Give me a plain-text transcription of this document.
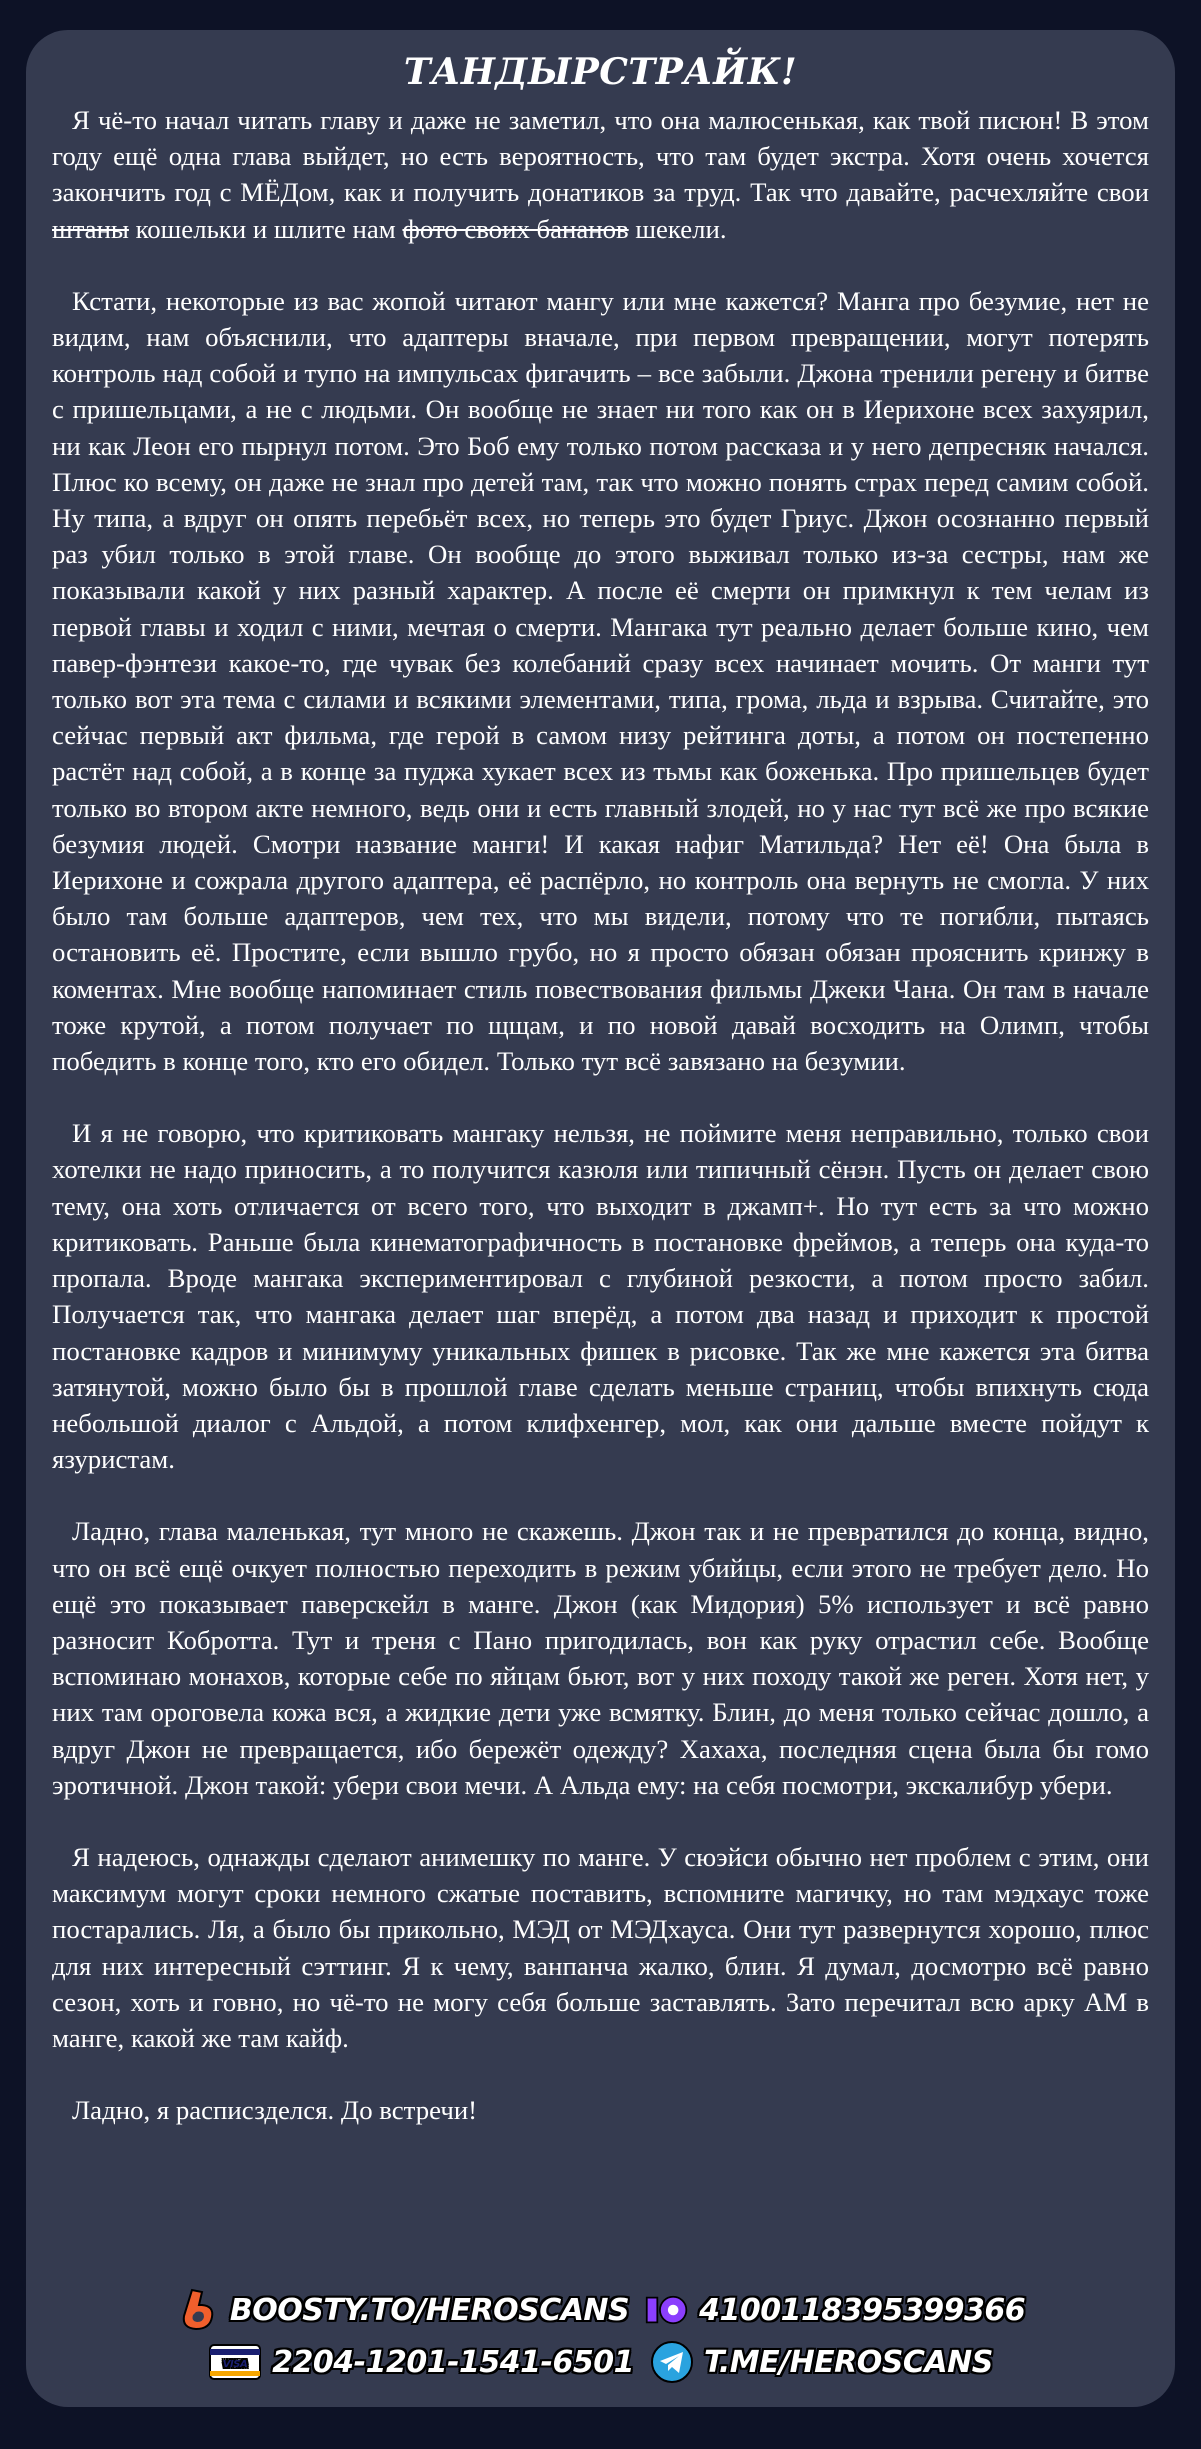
ТАНДЫРСТРАЙК!

Я чё-то начал читать главу и даже не заметил, что она малюсенькая, как твой писюн! В этом году ещё одна глава выйдет, но есть вероятность, что там будет экстра. Хотя очень хочется закончить год с МЁДом, как и получить донатиков за труд. Так что давайте, расчехляйте свои штаны кошельки и шлите нам фото своих бананов шекели.

Кстати, некоторые из вас жопой читают мангу или мне кажется? Манга про безумие, нет не видим, нам объяснили, что адаптеры вначале, при первом превращении, могут потерять контроль над собой и тупо на импульсах фигачить – все забыли. Джона тренили регену и битве с пришельцами, а не с людьми. Он вообще не знает ни того как он в Иерихоне всех захуярил, ни как Леон его пырнул потом. Это Боб ему только потом рассказа и у него депресняк начался. Плюс ко всему, он даже не знал про детей там, так что можно понять страх перед самим собой. Ну типа, а вдруг он опять перебьёт всех, но теперь это будет Гриус. Джон осознанно первый раз убил только в этой главе. Он вообще до этого выживал только из-за сестры, нам же показывали какой у них разный характер. А после её смерти он примкнул к тем челам из первой главы и ходил с ними, мечтая о смерти. Мангака тут реально делает больше кино, чем павер-фэнтези какое-то, где чувак без колебаний сразу всех начинает мочить. От манги тут только вот эта тема с силами и всякими элементами, типа, грома, льда и взрыва. Считайте, это сейчас первый акт фильма, где герой в самом низу рейтинга доты, а потом он постепенно растёт над собой, а в конце за пуджа хукает всех из тьмы как боженька. Про пришельцев будет только во втором акте немного, ведь они и есть главный злодей, но у нас тут всё же про всякие безумия людей. Смотри название манги! И какая нафиг Матильда? Нет её! Она была в Иерихоне и сожрала другого адаптера, её распёрло, но контроль она вернуть не смогла. У них было там больше адаптеров, чем тех, что мы видели, потому что те погибли, пытаясь остановить её. Простите, если вышло грубо, но я просто обязан обязан прояснить кринжу в коментах. Мне вообще напоминает стиль повествования фильмы Джеки Чана. Он там в начале тоже крутой, а потом получает по щщам, и по новой давай восходить на Олимп, чтобы победить в конце того, кто его обидел. Только тут всё завязано на безумии.

И я не говорю, что критиковать мангаку нельзя, не поймите меня неправильно, только свои хотелки не надо приносить, а то получится казюля или типичный сёнэн. Пусть он делает свою тему, она хоть отличается от всего того, что выходит в джамп+. Но тут есть за что можно критиковать. Раньше была кинематографичность в постановке фреймов, а теперь она куда-то пропала. Вроде мангака экспериментировал с глубиной резкости, а потом просто забил. Получается так, что мангака делает шаг вперёд, а потом два назад и приходит к простой постановке кадров и минимуму уникальных фишек в рисовке. Так же мне кажется эта битва затянутой, можно было бы в прошлой главе сделать меньше страниц, чтобы впихнуть сюда небольшой диалог с Альдой, а потом клифхенгер, мол, как они дальше вместе пойдут к язуристам.

Ладно, глава маленькая, тут много не скажешь. Джон так и не превратился до конца, видно, что он всё ещё очкует полностью переходить в режим убийцы, если этого не требует дело. Но ещё это показывает паверскейл в манге. Джон (как Мидория) 5% использует и всё равно разносит Кобротта. Тут и треня с Пано пригодилась, вон как руку отрастил себе. Вообще вспоминаю монахов, которые себе по яйцам бьют, вот у них походу такой же реген. Хотя нет, у них там ороговела кожа вся, а жидкие дети уже всмятку. Блин, до меня только сейчас дошло, а вдруг Джон не превращается, ибо бережёт одежду? Хахаха, последняя сцена была бы гомо эротичной. Джон такой: убери свои мечи. А Альда ему: на себя посмотри, экскалибур убери.

Я надеюсь, однажды сделают анимешку по манге. У сюэйси обычно нет проблем с этим, они максимум могут сроки немного сжатые поставить, вспомните магичку, но там мэдхаус тоже постарались. Ля, а было бы прикольно, МЭД от МЭДхауса. Они тут развернутся хорошо, плюс для них интересный сэттинг. Я к чему, ванпанча жалко, блин. Я думал, досмотрю всё равно сезон, хоть и говно, но чё-то не могу себя больше заставлять. Зато перечитал всю арку АМ в манге, какой же там кайф.

Ладно, я расписзделся. До встречи!

BOOSTY.TO/HEROSCANS 4100118395399366
VISA 2204-1201-1541-6501 T.ME/HEROSCANS
